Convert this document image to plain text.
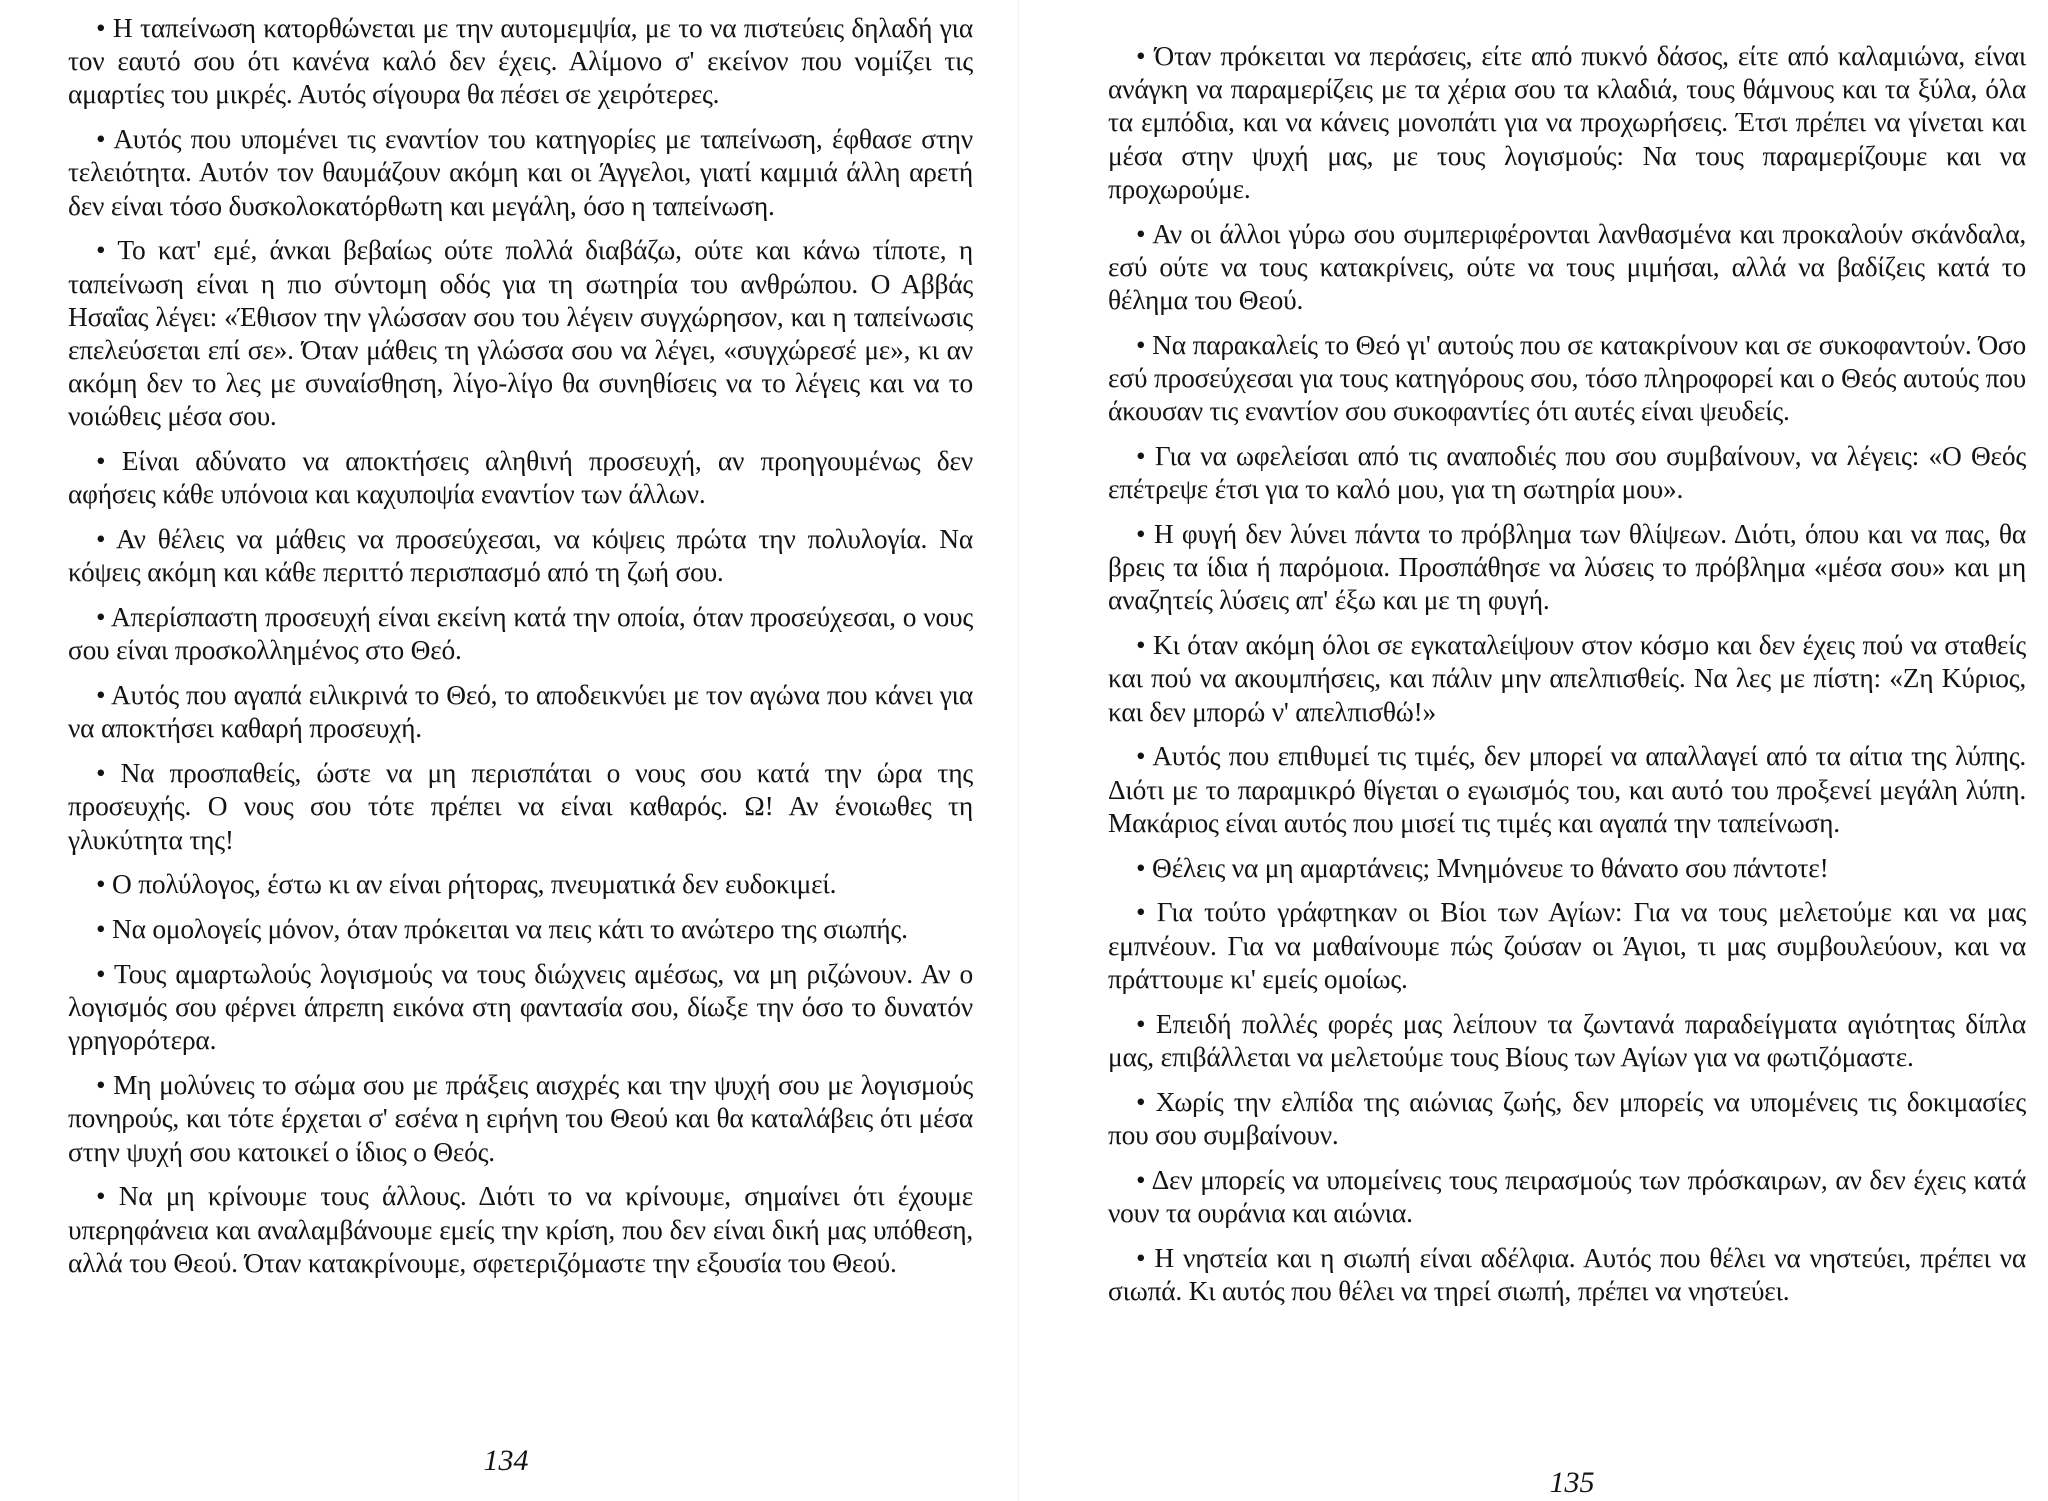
• Η ταπείνωση κατορθώνεται με την αυτομεμψία, με το να πιστεύεις δηλαδή για τον εαυτό σου ότι κανένα καλό δεν έχεις. Αλίμονο σ' εκείνον που νομίζει τις αμαρτίες του μικρές. Αυτός σίγουρα θα πέσει σε χειρότερες.

• Αυτός που υπομένει τις εναντίον του κατηγορίες με ταπείνωση, έφθασε στην τελειότητα. Αυτόν τον θαυμάζουν ακόμη και οι Άγγελοι, γιατί καμμιά άλλη αρετή δεν είναι τόσο δυσκολοκατόρθωτη και μεγάλη, όσο η ταπείνωση.

• Το κατ' εμέ, άνκαι βεβαίως ούτε πολλά διαβάζω, ούτε και κάνω τίποτε, η ταπείνωση είναι η πιο σύντομη οδός για τη σωτηρία του ανθρώπου. Ο Αββάς Ησαΐας λέγει: «Έθισον την γλώσσαν σου του λέγειν συγχώρησον, και η ταπείνωσις επελεύσεται επί σε». Όταν μάθεις τη γλώσσα σου να λέγει, «συγχώρεσέ με», κι αν ακόμη δεν το λες με συναίσθηση, λίγο-λίγο θα συνηθίσεις να το λέγεις και να το νοιώθεις μέσα σου.

• Είναι αδύνατο να αποκτήσεις αληθινή προσευχή, αν προηγουμένως δεν αφήσεις κάθε υπόνοια και καχυποψία εναντίον των άλλων.

• Αν θέλεις να μάθεις να προσεύχεσαι, να κόψεις πρώτα την πολυλογία. Να κόψεις ακόμη και κάθε περιττό περισπασμό από τη ζωή σου.

• Απερίσπαστη προσευχή είναι εκείνη κατά την οποία, όταν προσεύχεσαι, ο νους σου είναι προσκολλημένος στο Θεό.

• Αυτός που αγαπά ειλικρινά το Θεό, το αποδεικνύει με τον αγώνα που κάνει για να αποκτήσει καθαρή προσευχή.

• Να προσπαθείς, ώστε να μη περισπάται ο νους σου κατά την ώρα της προσευχής. Ο νους σου τότε πρέπει να είναι καθαρός. Ω! Αν ένοιωθες τη γλυκύτητα της!

• Ο πολύλογος, έστω κι αν είναι ρήτορας, πνευματικά δεν ευδοκιμεί.

• Να ομολογείς μόνον, όταν πρόκειται να πεις κάτι το ανώτερο της σιωπής.

• Τους αμαρτωλούς λογισμούς να τους διώχνεις αμέσως, να μη ριζώνουν. Αν ο λογισμός σου φέρνει άπρεπη εικόνα στη φαντασία σου, δίωξε την όσο το δυνατόν γρηγορότερα.

• Μη μολύνεις το σώμα σου με πράξεις αισχρές και την ψυχή σου με λογισμούς πονηρούς, και τότε έρχεται σ' εσένα η ειρήνη του Θεού και θα καταλάβεις ότι μέσα στην ψυχή σου κατοικεί ο ίδιος ο Θεός.

• Να μη κρίνουμε τους άλλους. Διότι το να κρίνουμε, σημαίνει ότι έχουμε υπερηφάνεια και αναλαμβάνουμε εμείς την κρίση, που δεν είναι δική μας υπόθεση, αλλά του Θεού. Όταν κατακρίνουμε, σφετεριζόμαστε την εξουσία του Θεού.

134

• Όταν πρόκειται να περάσεις, είτε από πυκνό δάσος, είτε από καλαμιώνα, είναι ανάγκη να παραμερίζεις με τα χέρια σου τα κλαδιά, τους θάμνους και τα ξύλα, όλα τα εμπόδια, και να κάνεις μονοπάτι για να προχωρήσεις. Έτσι πρέπει να γίνεται και μέσα στην ψυχή μας, με τους λογισμούς: Να τους παραμερίζουμε και να προχωρούμε.

• Αν οι άλλοι γύρω σου συμπεριφέρονται λανθασμένα και προκαλούν σκάνδαλα, εσύ ούτε να τους κατακρίνεις, ούτε να τους μιμήσαι, αλλά να βαδίζεις κατά το θέλημα του Θεού.

• Να παρακαλείς το Θεό γι' αυτούς που σε κατακρίνουν και σε συκοφαντούν. Όσο εσύ προσεύχεσαι για τους κατηγόρους σου, τόσο πληροφορεί και ο Θεός αυτούς που άκουσαν τις εναντίον σου συκοφαντίες ότι αυτές είναι ψευδείς.

• Για να ωφελείσαι από τις αναποδιές που σου συμβαίνουν, να λέγεις: «Ο Θεός επέτρεψε έτσι για το καλό μου, για τη σωτηρία μου».

• Η φυγή δεν λύνει πάντα το πρόβλημα των θλίψεων. Διότι, όπου και να πας, θα βρεις τα ίδια ή παρόμοια. Προσπάθησε να λύσεις το πρόβλημα «μέσα σου» και μη αναζητείς λύσεις απ' έξω και με τη φυγή.

• Κι όταν ακόμη όλοι σε εγκαταλείψουν στον κόσμο και δεν έχεις πού να σταθείς και πού να ακουμπήσεις, και πάλιν μην απελπισθείς. Να λες με πίστη: «Ζη Κύριος, και δεν μπορώ ν' απελπισθώ!»

• Αυτός που επιθυμεί τις τιμές, δεν μπορεί να απαλλαγεί από τα αίτια της λύπης. Διότι με το παραμικρό θίγεται ο εγωισμός του, και αυτό του προξενεί μεγάλη λύπη. Μακάριος είναι αυτός που μισεί τις τιμές και αγαπά την ταπείνωση.

• Θέλεις να μη αμαρτάνεις; Μνημόνευε το θάνατο σου πάντοτε!

• Για τούτο γράφτηκαν οι Βίοι των Αγίων: Για να τους μελετούμε και να μας εμπνέουν. Για να μαθαίνουμε πώς ζούσαν οι Άγιοι, τι μας συμβουλεύουν, και να πράττουμε κι' εμείς ομοίως.

• Επειδή πολλές φορές μας λείπουν τα ζωντανά παραδείγματα αγιότητας δίπλα μας, επιβάλλεται να μελετούμε τους Βίους των Αγίων για να φωτιζόμαστε.

• Χωρίς την ελπίδα της αιώνιας ζωής, δεν μπορείς να υπομένεις τις δοκιμασίες που σου συμβαίνουν.

• Δεν μπορείς να υπομείνεις τους πειρασμούς των πρόσκαιρων, αν δεν έχεις κατά νουν τα ουράνια και αιώνια.

• Η νηστεία και η σιωπή είναι αδέλφια. Αυτός που θέλει να νηστεύει, πρέπει να σιωπά. Κι αυτός που θέλει να τηρεί σιωπή, πρέπει να νηστεύει.

135
